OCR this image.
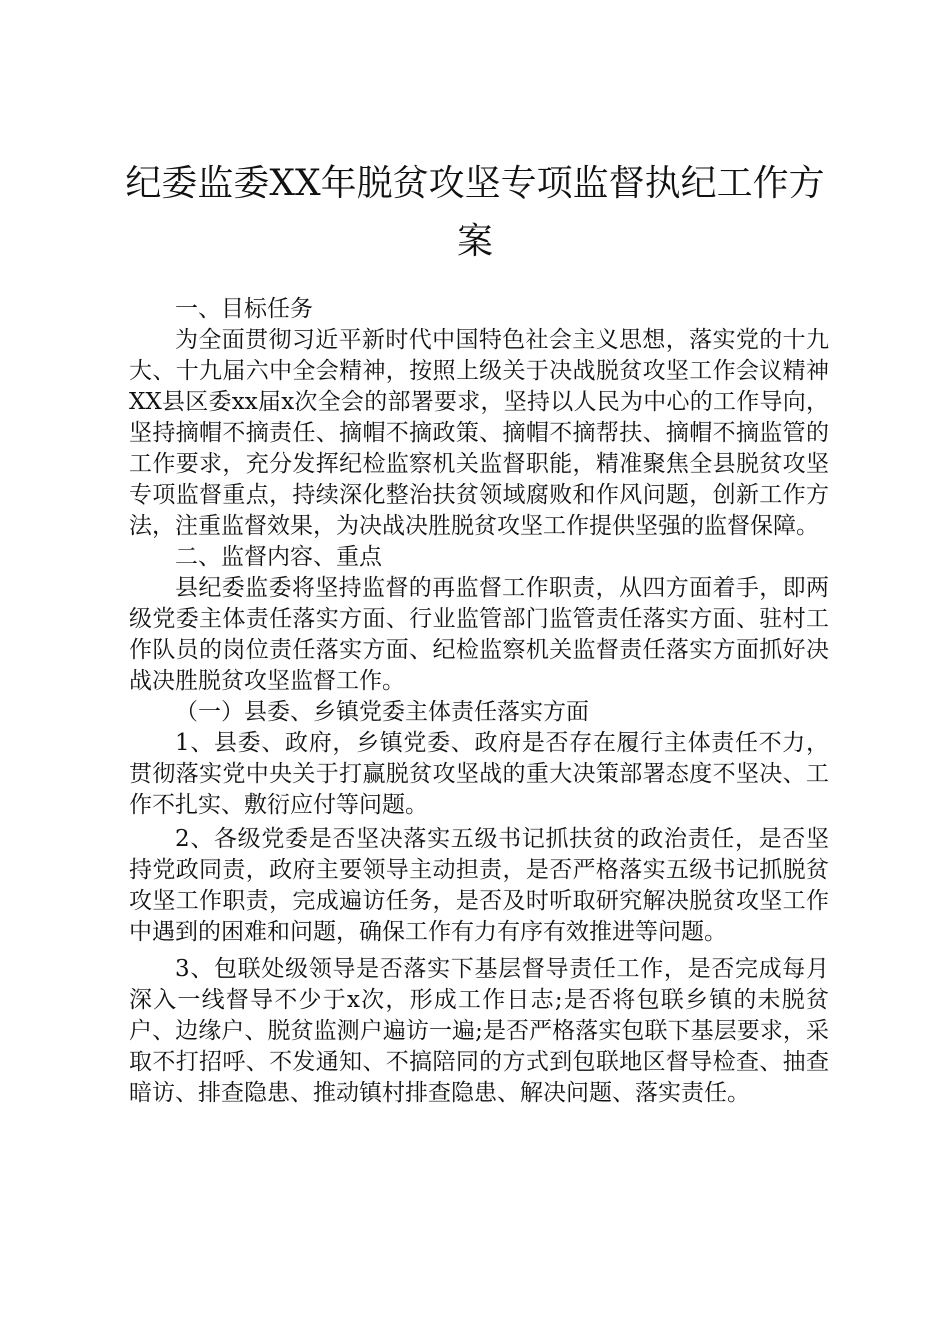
纪委监委XX年脱贫攻坚专项监督执纪工作方
案

一、目标任务

为全面贯彻习近平新时代中国特色社会主义思想，落实党的十九大、十九届六中全会精神，按照上级关于决战脱贫攻坚工作会议精神XX县区委xx届x次全会的部署要求，坚持以人民为中心的工作导向，坚持摘帽不摘责任、摘帽不摘政策、摘帽不摘帮扶、摘帽不摘监管的工作要求，充分发挥纪检监察机关监督职能，精准聚焦全县脱贫攻坚专项监督重点，持续深化整治扶贫领域腐败和作风问题，创新工作方法，注重监督效果，为决战决胜脱贫攻坚工作提供坚强的监督保障。

二、监督内容、重点

县纪委监委将坚持监督的再监督工作职责，从四方面着手，即两级党委主体责任落实方面、行业监管部门监管责任落实方面、驻村工作队员的岗位责任落实方面、纪检监察机关监督责任落实方面抓好决战决胜脱贫攻坚监督工作。

（一）县委、乡镇党委主体责任落实方面

1、县委、政府，乡镇党委、政府是否存在履行主体责任不力，贯彻落实党中央关于打赢脱贫攻坚战的重大决策部署态度不坚决、工作不扎实、敷衍应付等问题。

2、各级党委是否坚决落实五级书记抓扶贫的政治责任，是否坚持党政同责，政府主要领导主动担责，是否严格落实五级书记抓脱贫攻坚工作职责，完成遍访任务，是否及时听取研究解决脱贫攻坚工作中遇到的困难和问题，确保工作有力有序有效推进等问题。

3、包联处级领导是否落实下基层督导责任工作，是否完成每月深入一线督导不少于x次，形成工作日志;是否将包联乡镇的未脱贫户、边缘户、脱贫监测户遍访一遍;是否严格落实包联下基层要求，采取不打招呼、不发通知、不搞陪同的方式到包联地区督导检查、抽查暗访、排查隐患、推动镇村排查隐患、解决问题、落实责任。
